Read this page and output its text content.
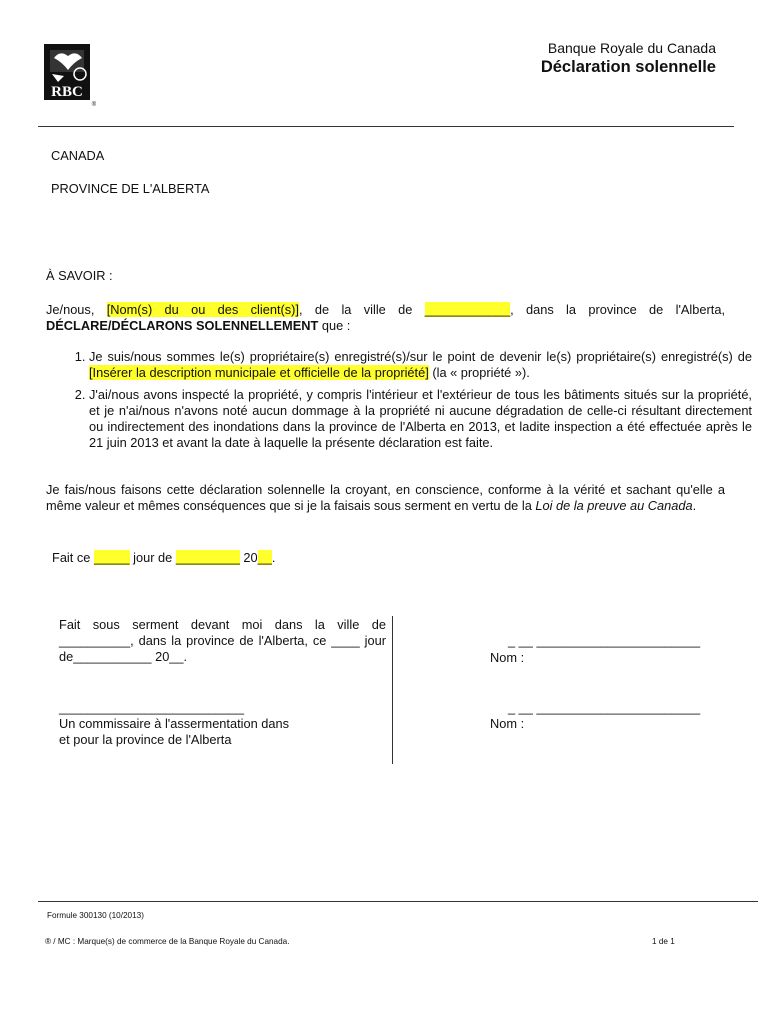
RBC
®
Banque Royale du Canada
Déclaration solennelle
CANADA
PROVINCE DE L'ALBERTA
À SAVOIR :
Je/nous, [Nom(s) du ou des client(s)], de la ville de ____________, dans la province de l'Alberta, DÉCLARE/DÉCLARONS SOLENNELLEMENT que :
1. Je suis/nous sommes le(s) propriétaire(s) enregistré(s)/sur le point de devenir le(s) propriétaire(s) enregistré(s) de [Insérer la description municipale et officielle de la propriété] (la « propriété »).
2. J'ai/nous avons inspecté la propriété, y compris l'intérieur et l'extérieur de tous les bâtiments situés sur la propriété, et je n'ai/nous n'avons noté aucun dommage à la propriété ni aucune dégradation de celle-ci résultant directement ou indirectement des inondations dans la province de l'Alberta en 2013, et ladite inspection a été effectuée après le 21 juin 2013 et avant la date à laquelle la présente déclaration est faite.
Je fais/nous faisons cette déclaration solennelle la croyant, en conscience, conforme à la vérité et sachant qu'elle a même valeur et mêmes conséquences que si je la faisais sous serment en vertu de la Loi de la preuve au Canada.
Fait ce _____ jour de _________ 20__.
Fait sous serment devant moi dans la ville de __________, dans la province de l'Alberta, ce ____ jour de___________ 20__.
__________________________
Un commissaire à l'assermentation dans
et pour la province de l'Alberta
_ __ _______________________
Nom :
_ __ _______________________
Nom :
Formule 300130 (10/2013)
® / MC : Marque(s) de commerce de la Banque Royale du Canada.	1 de 1
